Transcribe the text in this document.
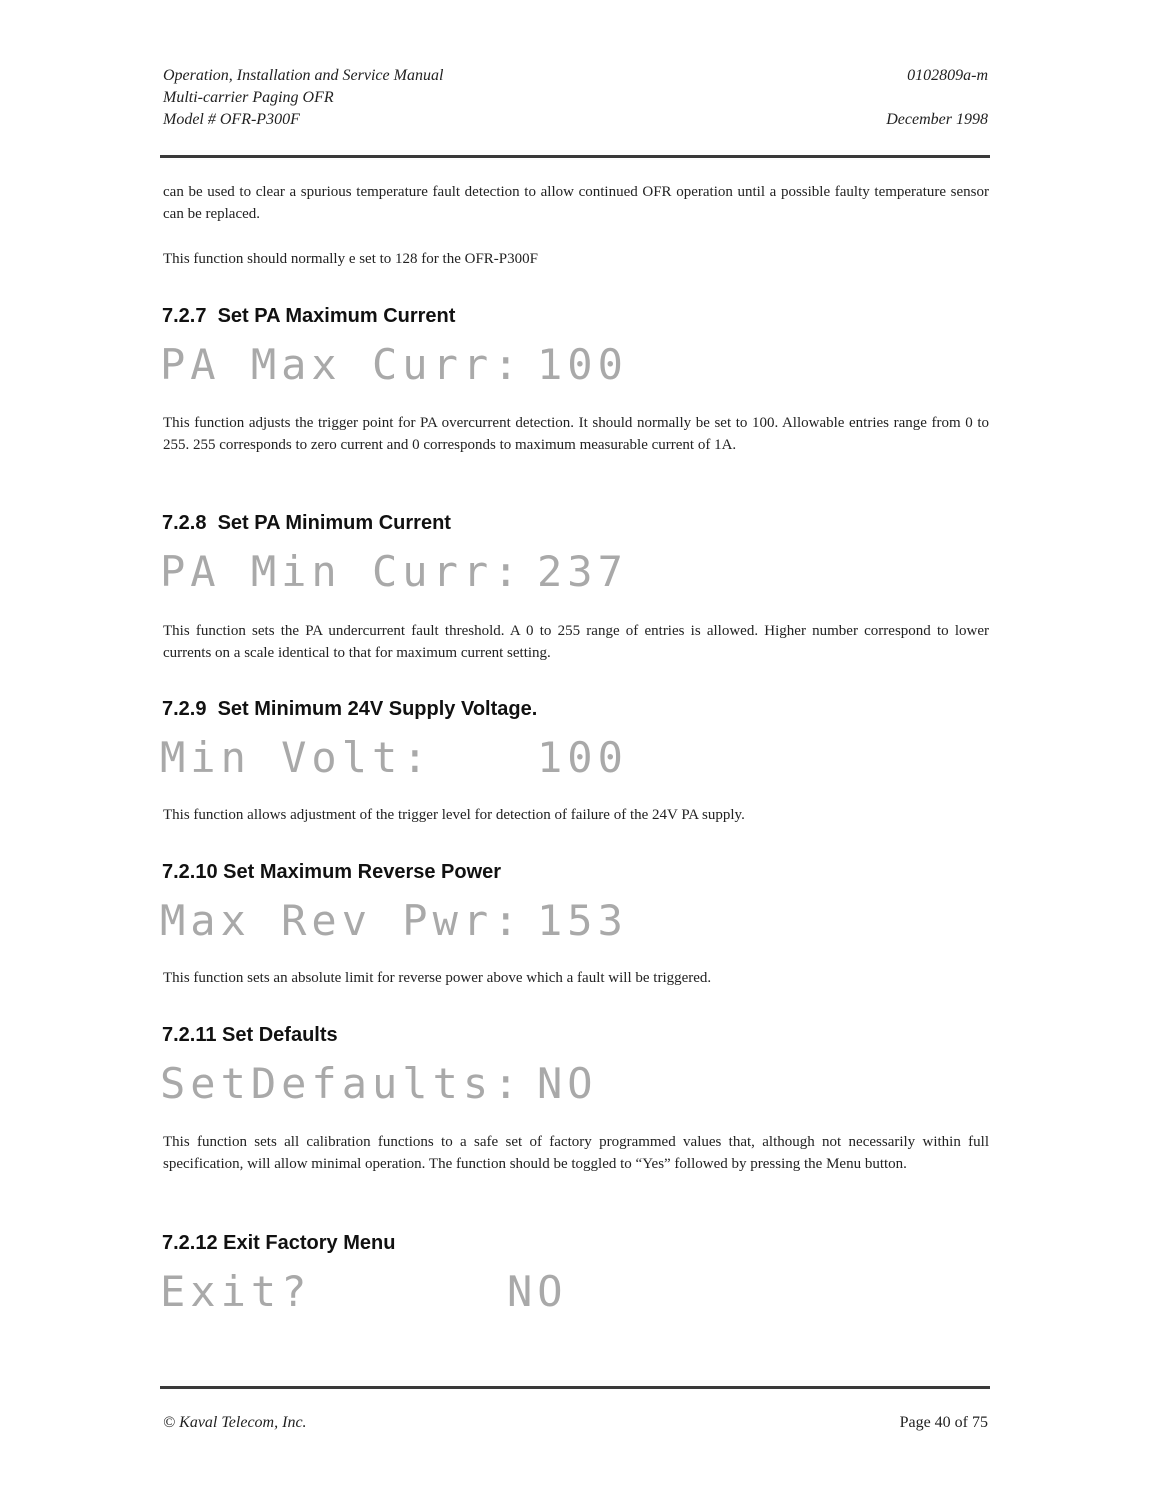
Operation, Installation and Service Manual
Multi-carrier Paging OFR
Model # OFR-P300F
0102809a-m
December 1998
can be used to clear a spurious temperature fault detection to allow continued OFR operation until a possible faulty temperature sensor can be replaced.
This function should normally e set to 128 for the OFR-P300F
7.2.7  Set PA Maximum Current
PA Max Curr: 100
This function adjusts the trigger point for PA overcurrent detection. It should normally be set to 100. Allowable entries range from 0 to 255. 255 corresponds to zero current and 0 corresponds to maximum measurable current of 1A.
7.2.8  Set PA Minimum Current
PA Min Curr: 237
This function sets the PA undercurrent fault threshold. A 0 to 255 range of entries is allowed. Higher number correspond to lower currents on a scale identical to that for maximum current setting.
7.2.9  Set Minimum 24V Supply Voltage.
Min Volt: 100
This function allows adjustment of the trigger level for detection of failure of the 24V PA supply.
7.2.10 Set Maximum Reverse Power
Max Rev Pwr: 153
This function sets an absolute limit for reverse power above which a fault will be triggered.
7.2.11 Set Defaults
SetDefaults: NO
This function sets all calibration functions to a safe set of factory programmed values that, although not necessarily within full specification, will allow minimal operation. The function should be toggled to “Yes” followed by pressing the Menu button.
7.2.12 Exit Factory Menu
Exit?	NO
© Kaval Telecom, Inc.	Page 40 of 75
